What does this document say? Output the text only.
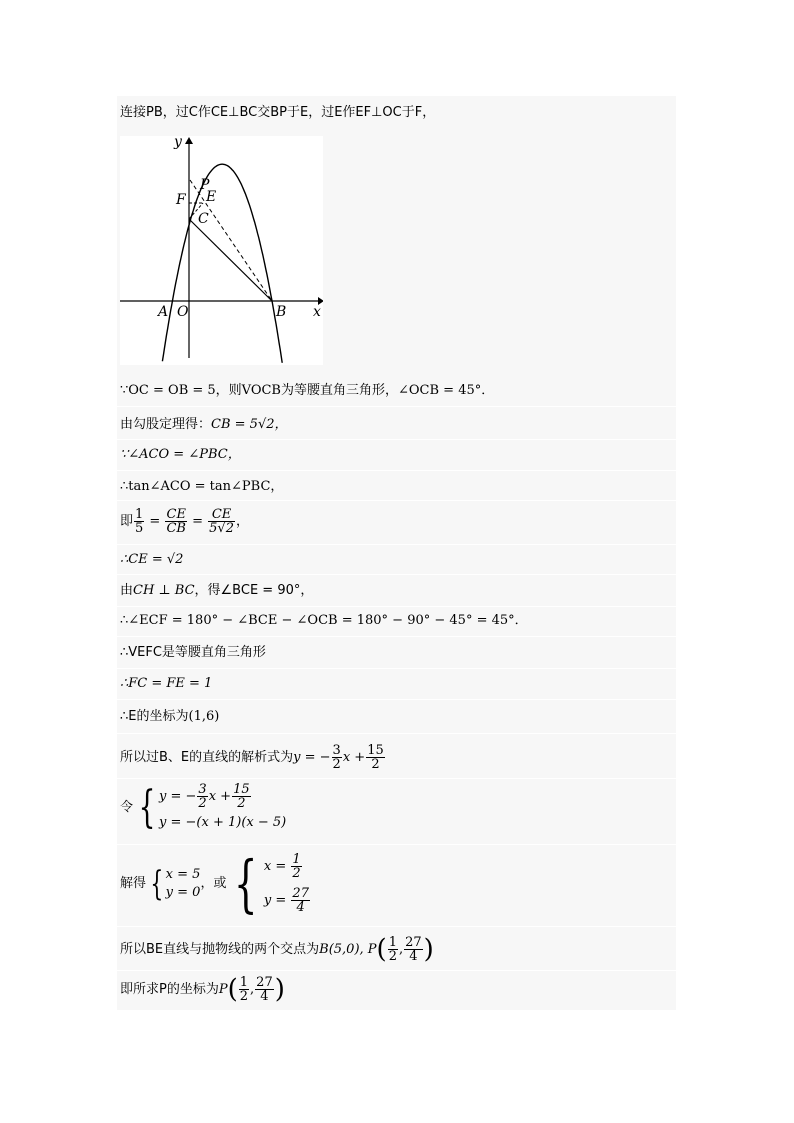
连接PB，过C作CE⊥BC交BP于E，过E作EF⊥OC于F，
∵OC = OB = 5，则VOCB为等腰直角三角形，∠OCB = 45°．
由勾股定理得：CB = 5√2，
∵∠ACO = ∠PBC，
∴tan∠ACO = tan∠PBC，
即 $\frac{1}{5} = \frac{CE}{CB} = \frac{CE}{5√2}$ ，
∴CE = √2
由CH ⊥ BC，得∠BCE = 90°，
∴∠ECF = 180° − ∠BCE − ∠OCB = 180° − 90° − 45° = 45°．
∴VEFC是等腰直角三角形
∴FC = FE = 1
∴E的坐标为(1,6)
所以过B、E的直线的解析式为y = − $\frac{3}{2}$ $x + \frac{15}{2}$
令 { y = − $\frac{3}{2}$ $x + \frac{15}{2}$
y = −(x + 1)(x − 5)
解得 { x = 5
y = 0
，或 { $x = \frac{1}{2}$
$y = \frac{27}{4}$
所以BE直线与抛物线的两个交点为B(5,0), $P( \frac{1}{2}$ , $\frac{27}{4}$ )
即所求P的坐标为$P( \frac{1}{2}$ , $\frac{27}{4}$ )
y
x
P
E
F
C
A O	B
